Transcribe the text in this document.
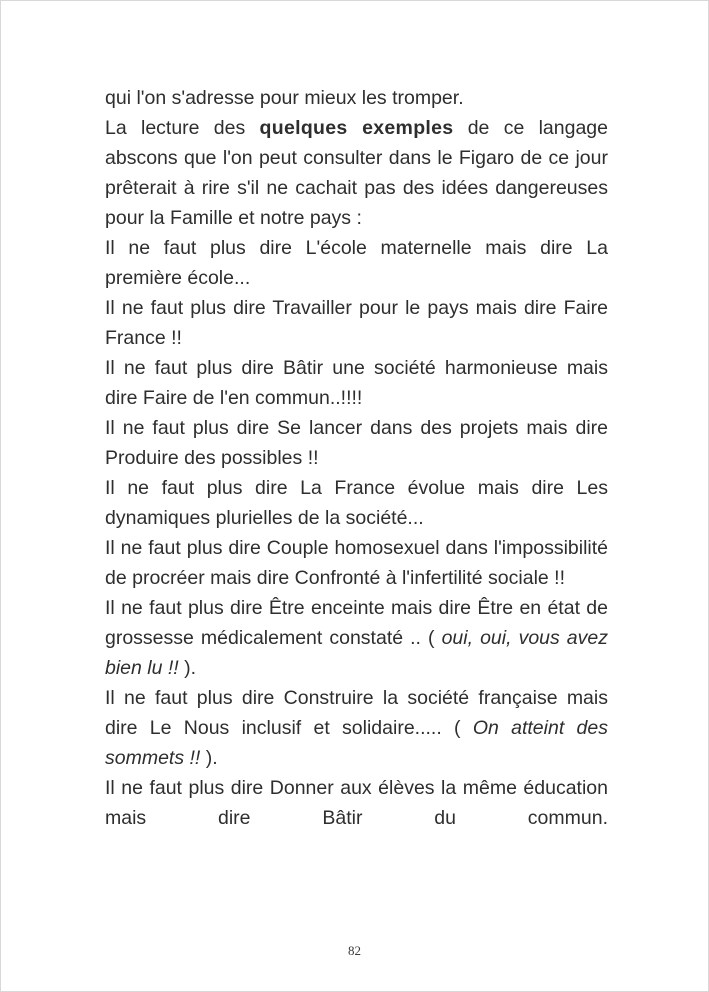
qui l'on s'adresse pour mieux les tromper.

La lecture des quelques exemples de ce langage abscons que l'on peut consulter dans le Figaro de ce jour prêterait à rire s'il ne cachait pas des idées dangereuses pour la Famille et notre pays :

Il ne faut plus dire L'école maternelle mais dire La première école...

Il ne faut plus dire Travailler pour le pays mais dire Faire France !!

Il ne faut plus dire Bâtir une société harmonieuse mais dire Faire de l'en commun..!!!!

Il ne faut plus dire Se lancer dans des projets mais dire Produire des possibles !!

Il ne faut plus dire La France évolue mais dire Les dynamiques plurielles de la société...

Il ne faut plus dire Couple homosexuel dans l'impossibilité de procréer mais dire Confronté à l'infertilité sociale !!

Il ne faut plus dire Être enceinte mais dire Être en état de grossesse médicalement constaté .. ( oui, oui, vous avez bien lu !! ).

Il ne faut plus dire Construire la société française mais dire Le Nous inclusif et solidaire..... ( On atteint des sommets !! ).

Il ne faut plus dire Donner aux élèves la même éducation mais dire Bâtir du commun.

82
